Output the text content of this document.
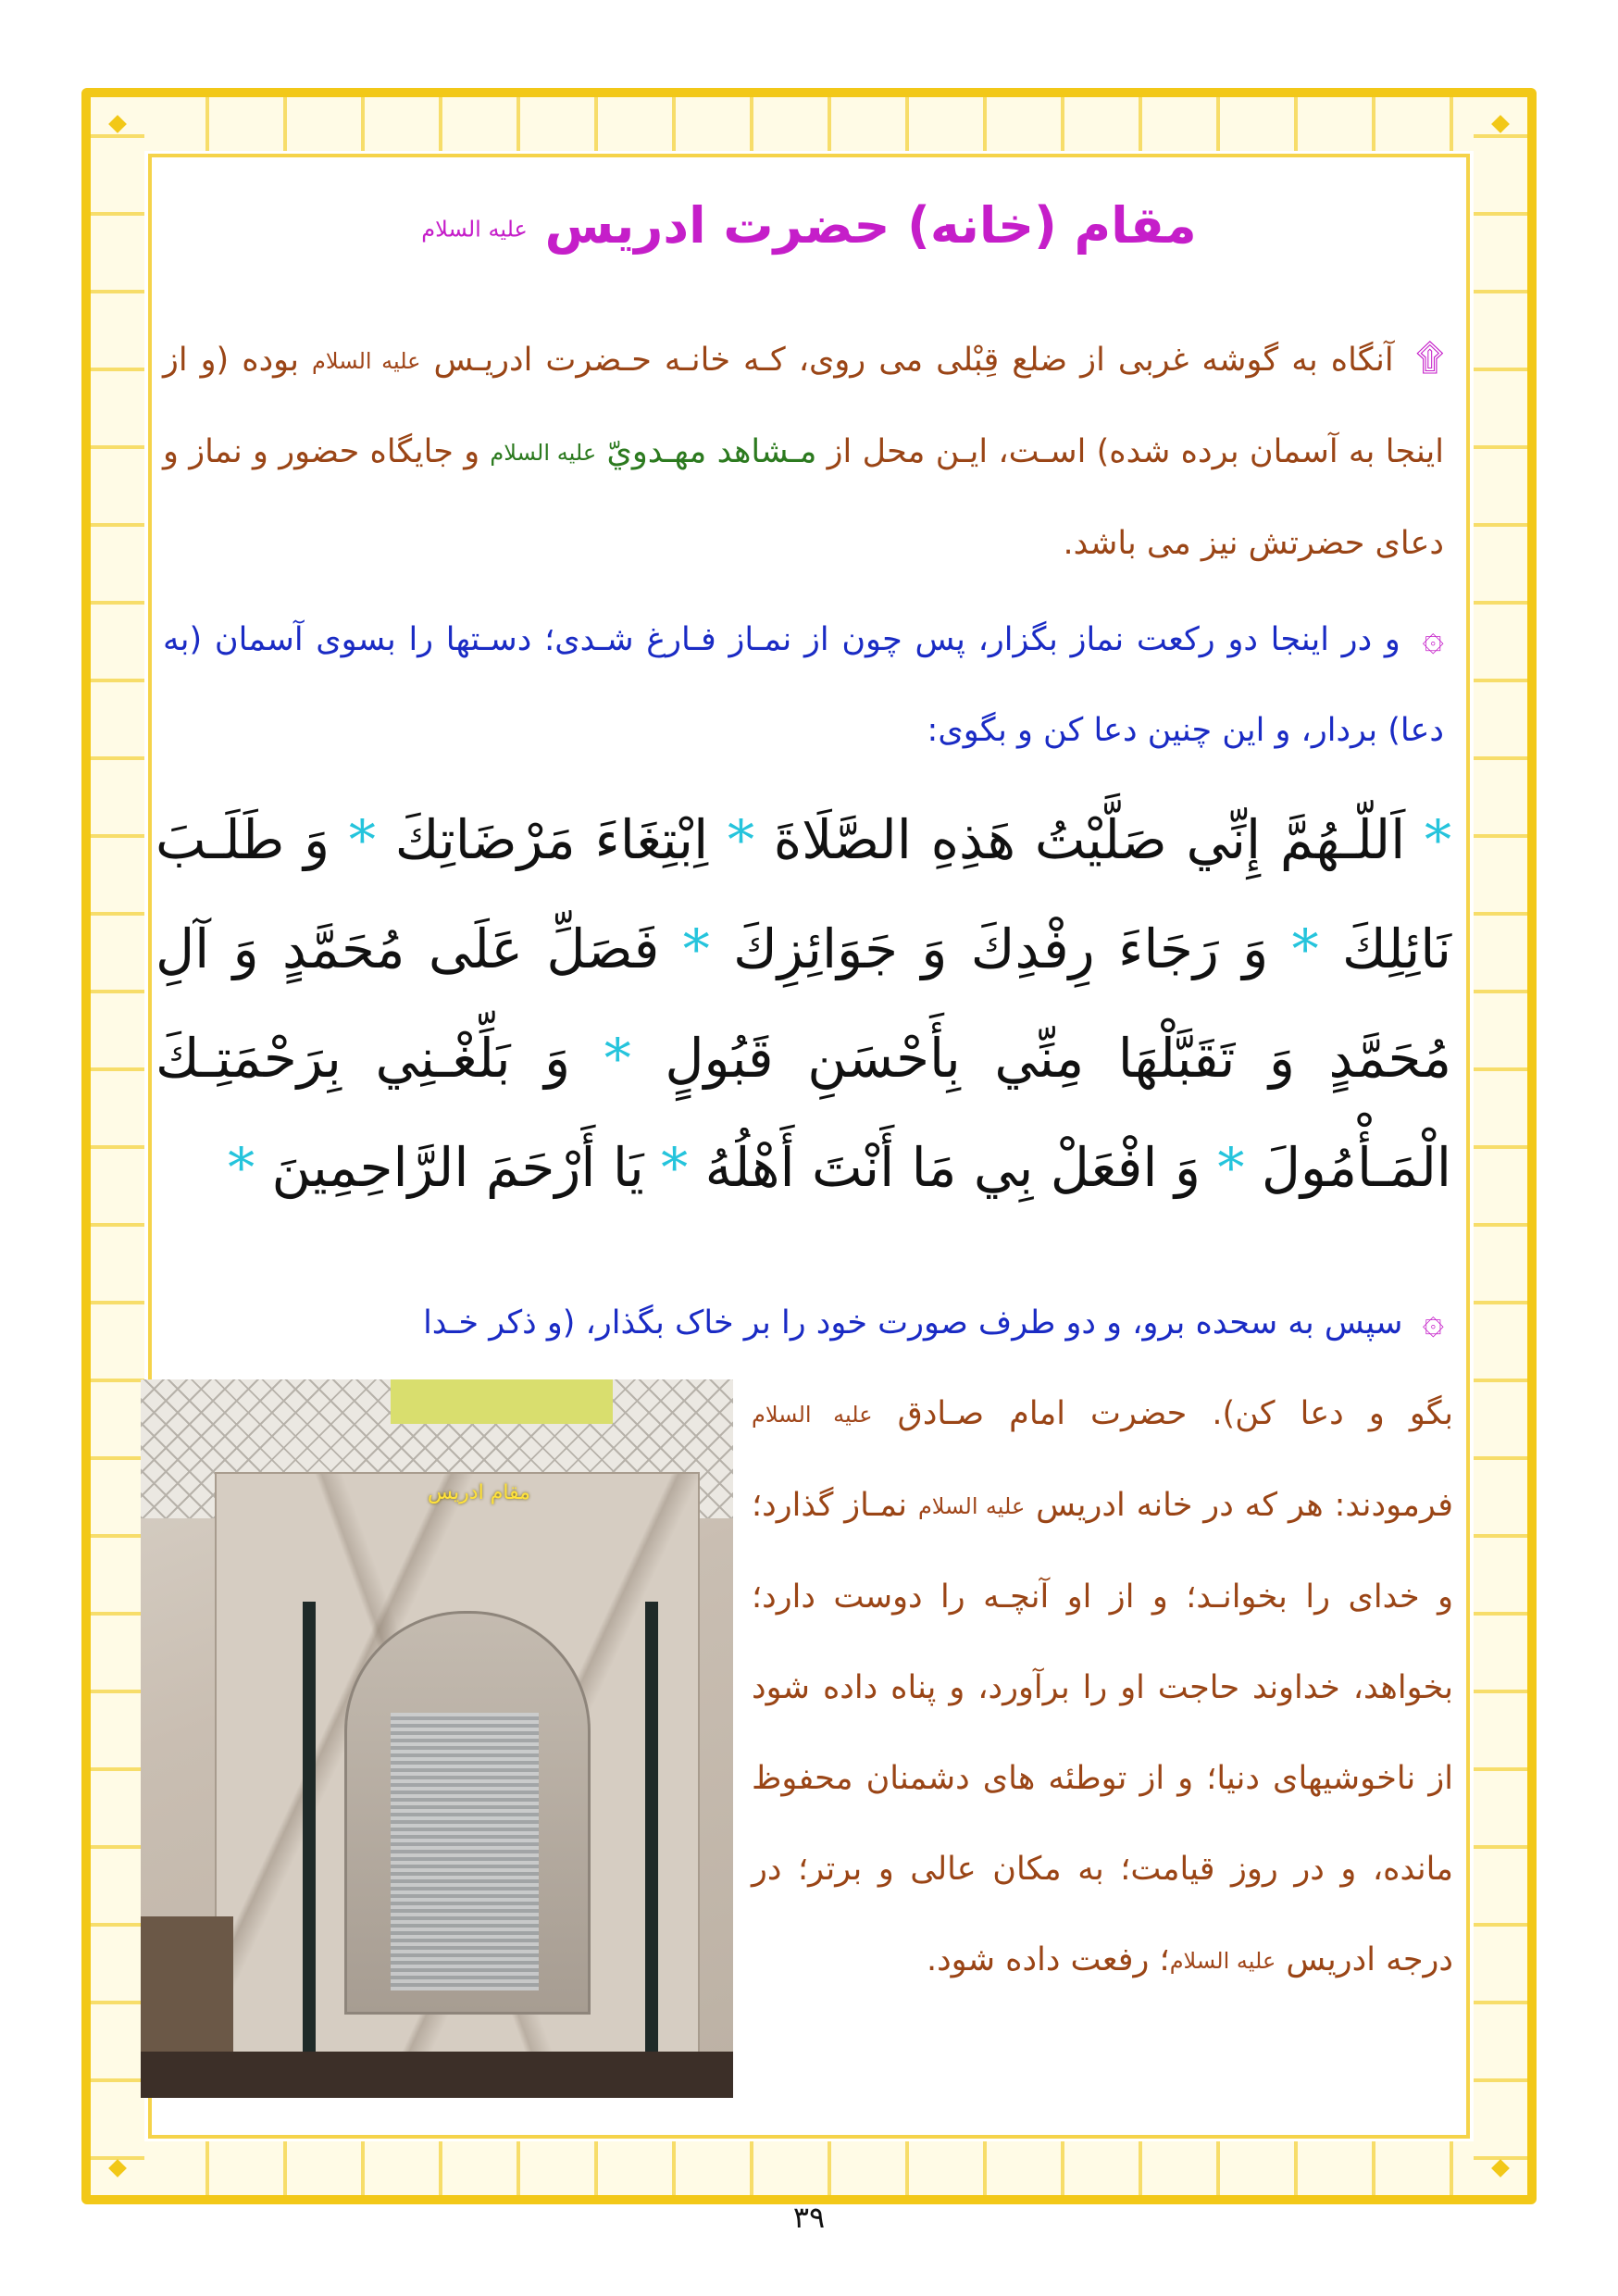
مقام (خانه) حضرت ادریس عليه السلام
۩ آنگاه به گوشه غربی از ضلع قِبْلی می روی، کـه خانـه حـضرت ادریـس عليه السلام بوده (و از اینجا به آسمان برده شده) اسـت، ایـن محل از مـشاهد مهـدويّ عليه السلام و جایگاه حضور و نماز و دعای حضرتش نیز می باشد.
۞ و در اینجا دو رکعت نماز بگزار، پس چون از نمـاز فـارغ شـدی؛ دسـتها را بسوی آسمان (به دعا) بردار، و این چنین دعا کن و بگوی:
* اَللّـهُمَّ إِنِّي صَلَّيْتُ هَذِهِ الصَّلَاةَ * اِبْتِغَاءَ مَرْضَاتِكَ * وَ طَلَـبَ نَائِلِكَ * وَ رَجَاءَ رِفْدِكَ وَ جَوَائِزِكَ * فَصَلِّ عَلَى مُحَمَّدٍ وَ آلِ مُحَمَّدٍ وَ تَقَبَّلْهَا مِنِّي بِأَحْسَنِ قَبُولٍ * وَ بَلِّغْـنِي بِرَحْمَتِـكَ الْمَـأْمُولَ * وَ افْعَلْ بِي مَا أَنْتَ أَهْلُهُ * يَا أَرْحَمَ الرَّاحِمِينَ *
۞ سپس به سحده برو، و دو طرف صورت خود را بر خاک بگذار، (و ذکر خـدا
مقام ادریس
بگو و دعا کن). حضرت امام صـادق عليه السلام فرمودند: هر که در خانه ادریس عليه السلام نمـاز گذارد؛ و خدای را بخوانـد؛ و از او آنچـه را دوست دارد؛ بخواهد، خداوند حاجت او را برآورد، و پناه داده شود از ناخوشیهای دنیا؛ و از توطئه های دشمنان محفوظ مانده، و در روز قیامت؛ به مکان عالی و برتر؛ در درجه ادریس عليه السلام؛ رفعت داده شود.
۳۹
